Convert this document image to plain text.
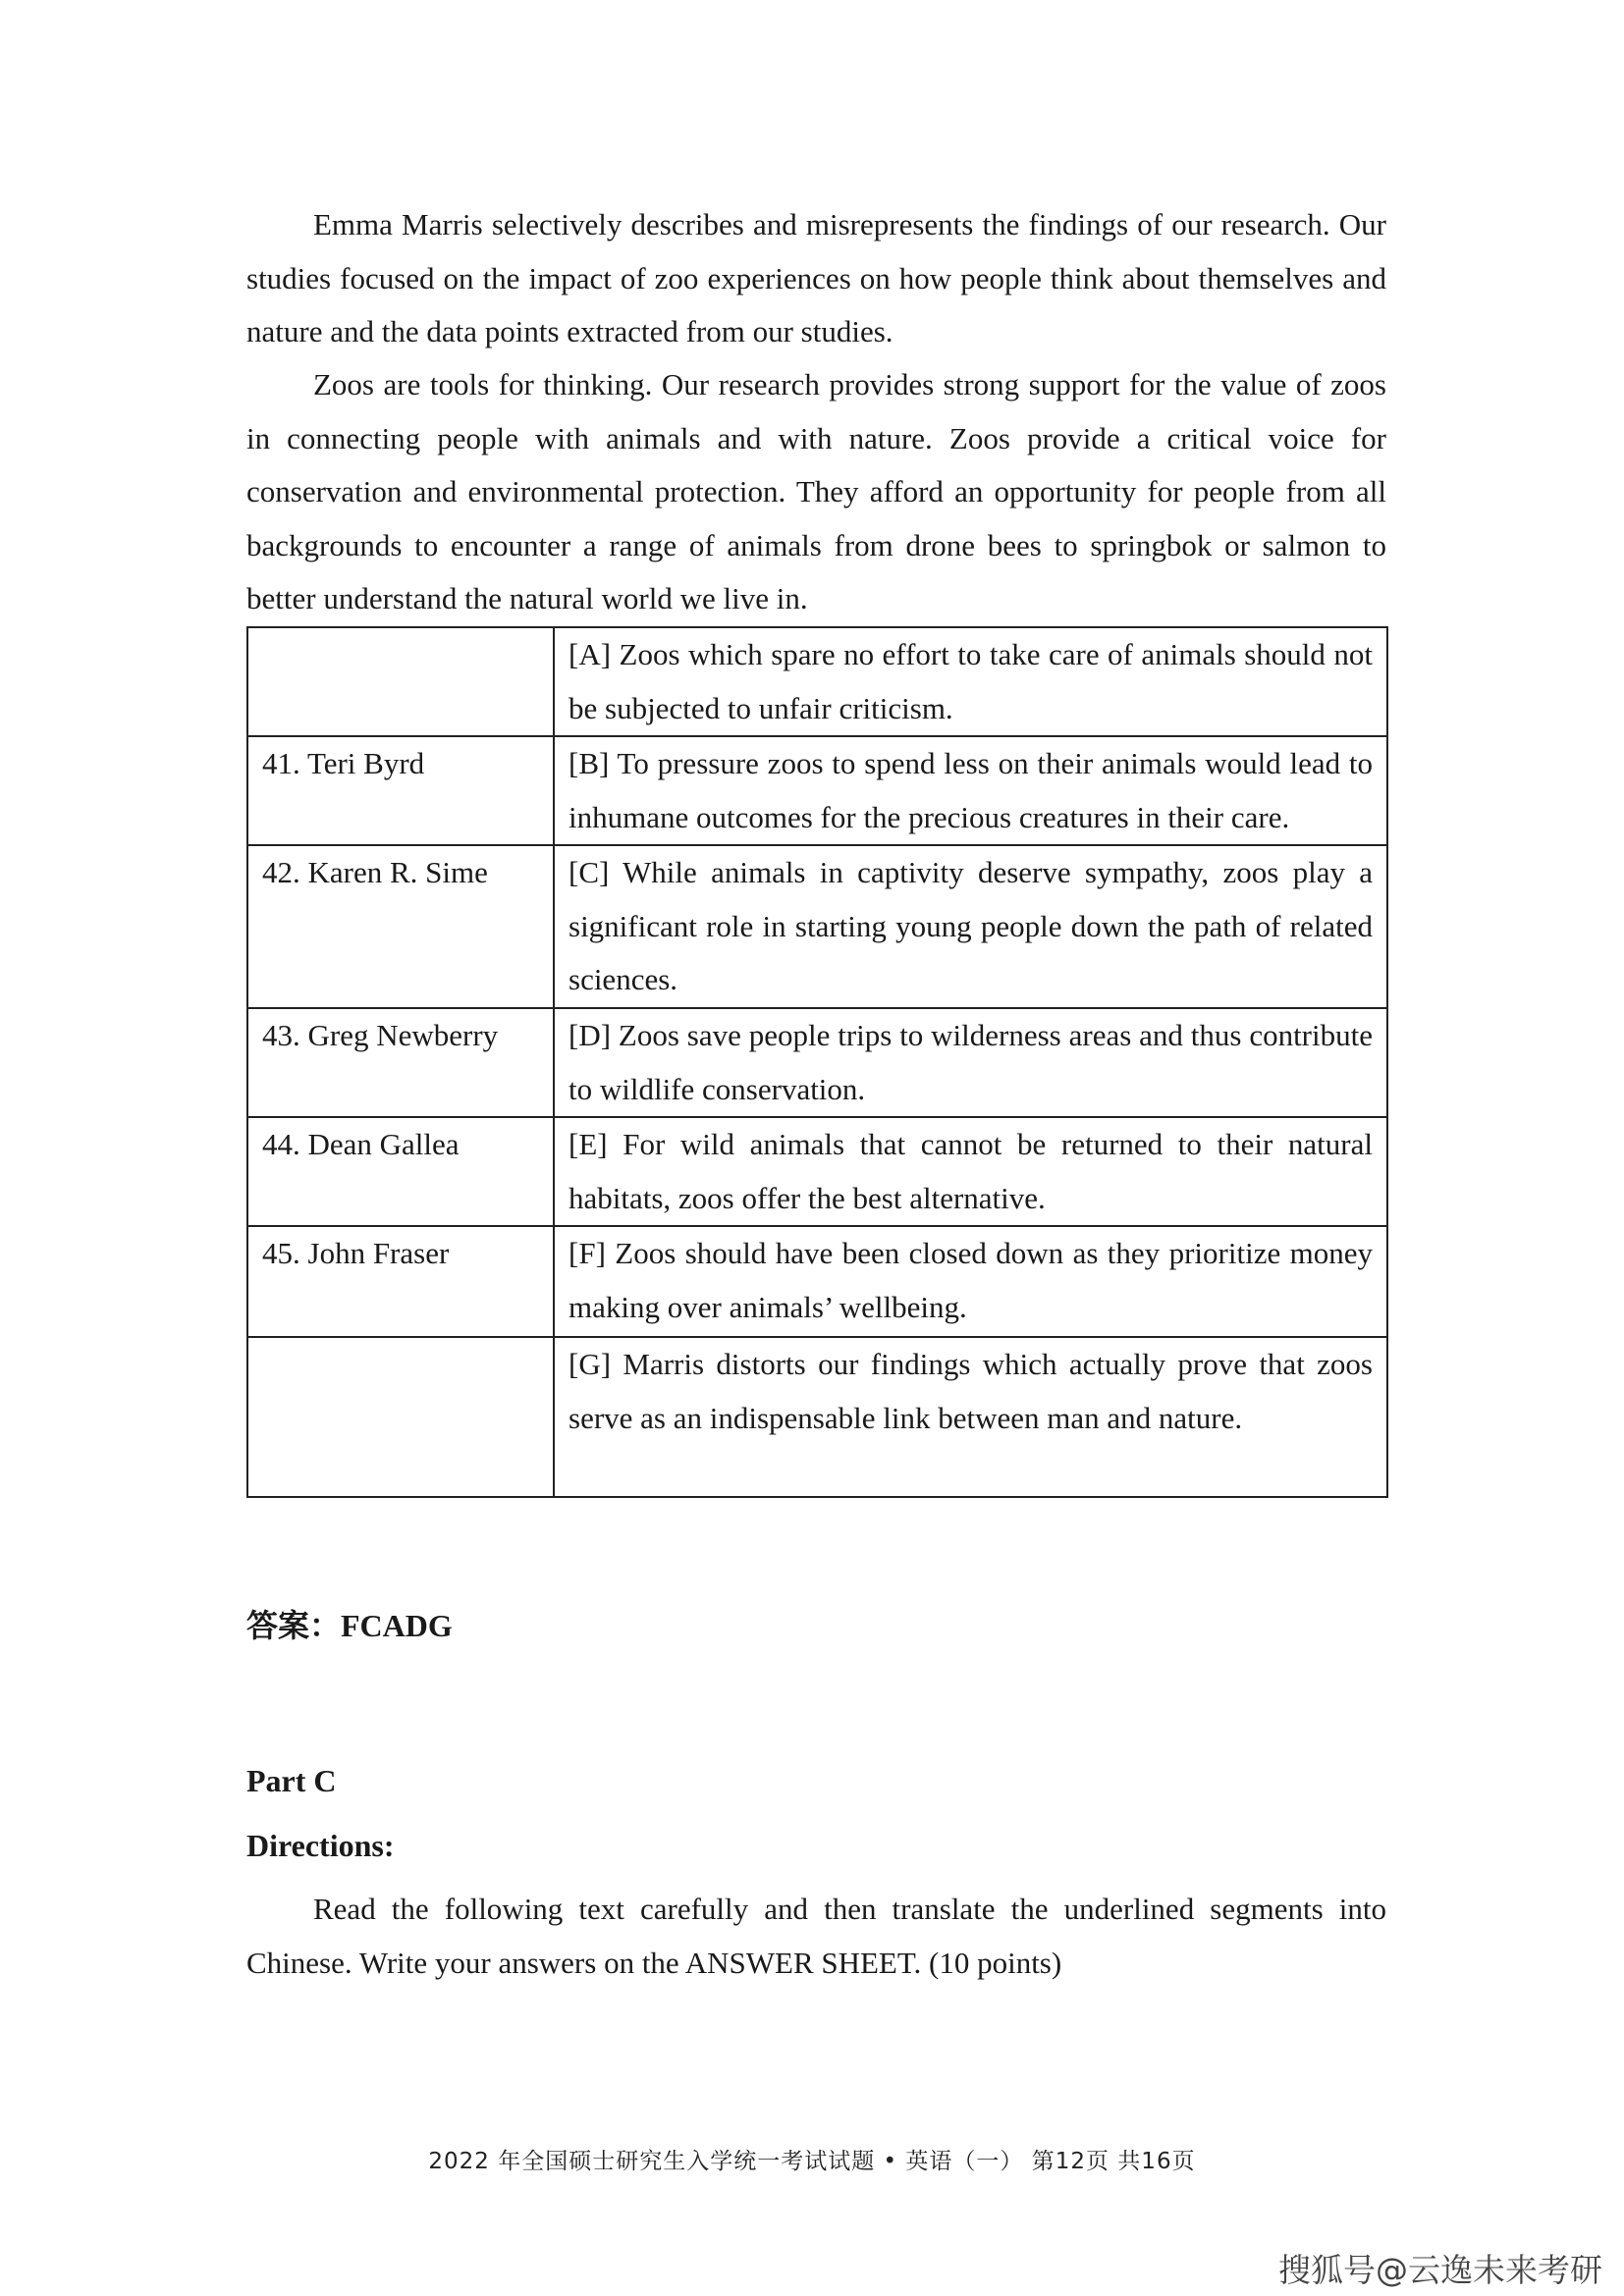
Emma Marris selectively describes and misrepresents the findings of our research. Our studies focused on the impact of zoo experiences on how people think about themselves and nature and the data points extracted from our studies.

Zoos are tools for thinking. Our research provides strong support for the value of zoos in connecting people with animals and with nature. Zoos provide a critical voice for conservation and environmental protection. They afford an opportunity for people from all backgrounds to encounter a range of animals from drone bees to springbok or salmon to better understand the natural world we live in.

	[A] Zoos which spare no effort to take care of animals should not be subjected to unfair criticism.
41. Teri Byrd	[B] To pressure zoos to spend less on their animals would lead to inhumane outcomes for the precious creatures in their care.
42. Karen R. Sime	[C] While animals in captivity deserve sympathy, zoos play a significant role in starting young people down the path of related sciences.
43. Greg Newberry	[D] Zoos save people trips to wilderness areas and thus contribute to wildlife conservation.
44. Dean Gallea	[E] For wild animals that cannot be returned to their natural habitats, zoos offer the best alternative.
45. John Fraser	[F] Zoos should have been closed down as they prioritize money making over animals’ wellbeing.
	[G] Marris distorts our findings which actually prove that zoos serve as an indispensable link between man and nature.
答案：FCADG
Part C
Directions:

Read the following text carefully and then translate the underlined segments into Chinese. Write your answers on the ANSWER SHEET. (10 points)

2022 年全国硕士研究生入学统一考试试题 • 英语（一） 第12页 共16页
搜狐号@云逸未来考研
